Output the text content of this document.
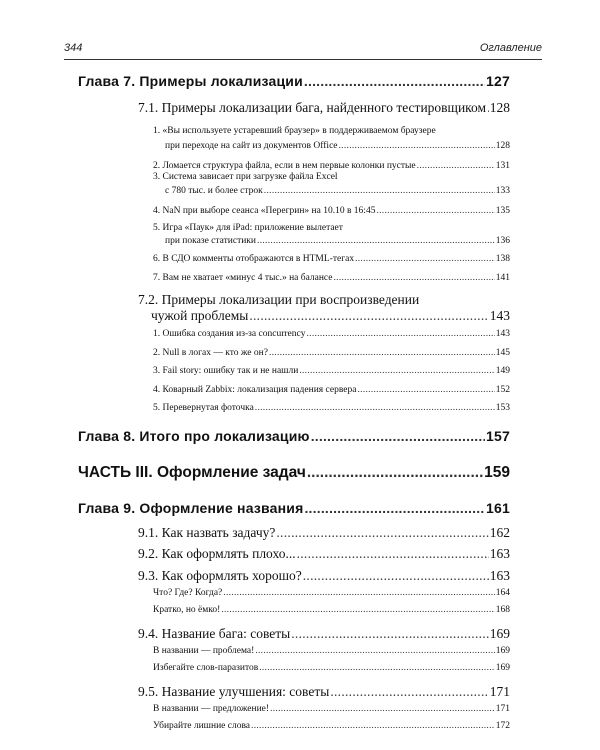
344	Оглавление
Глава 7. Примеры локализации .....	127
7.1. Примеры локализации бага, найденного тестировщиком ..... 128
1. «Вы используете устаревший браузер» в поддерживаемом браузере
при переходе на сайт из документов Office .....	128
2. Ломается структура файла, если в нем первые колонки пустые .....	131
3. Система зависает при загрузке файла Excel
с 780 тыс. и более строк .....	133
4. NaN при выборе сеанса «Перегрин» на 10.10 в 16:45 .....	135
5. Игра «Паук» для iPad: приложение вылетает
при показе статистики .....	136
6. В СДО комменты отображаются в HTML-тегах .....	138
7. Вам не хватает «минус 4 тыс.» на балансе .....	141
7.2. Примеры локализации при воспроизведении
чужой проблемы .....	143
1. Ошибка создания из-за concurrency .....	143
2. Null в логах — кто же он? .....	145
3. Fail story: ошибку так и не нашли .....	149
4. Коварный Zabbix: локализация падения сервера .....	152
5. Перевернутая фоточка .....	153
Глава 8. Итого про локализацию .....	157
ЧАСТЬ III. Оформление задач .....	159
Глава 9. Оформление названия .....	161
9.1. Как назвать задачу? .....	162
9.2. Как оформлять плохо... .....	163
9.3. Как оформлять хорошо? .....	163
Что? Где? Когда? .....	164
Кратко, но ёмко! .....	168
9.4. Название бага: советы .....	169
В названии — проблема! .....	169
Избегайте слов-паразитов .....	169
9.5. Название улучшения: советы .....	171
В названии — предложение! .....	171
Убирайте лишние слова .....	172
